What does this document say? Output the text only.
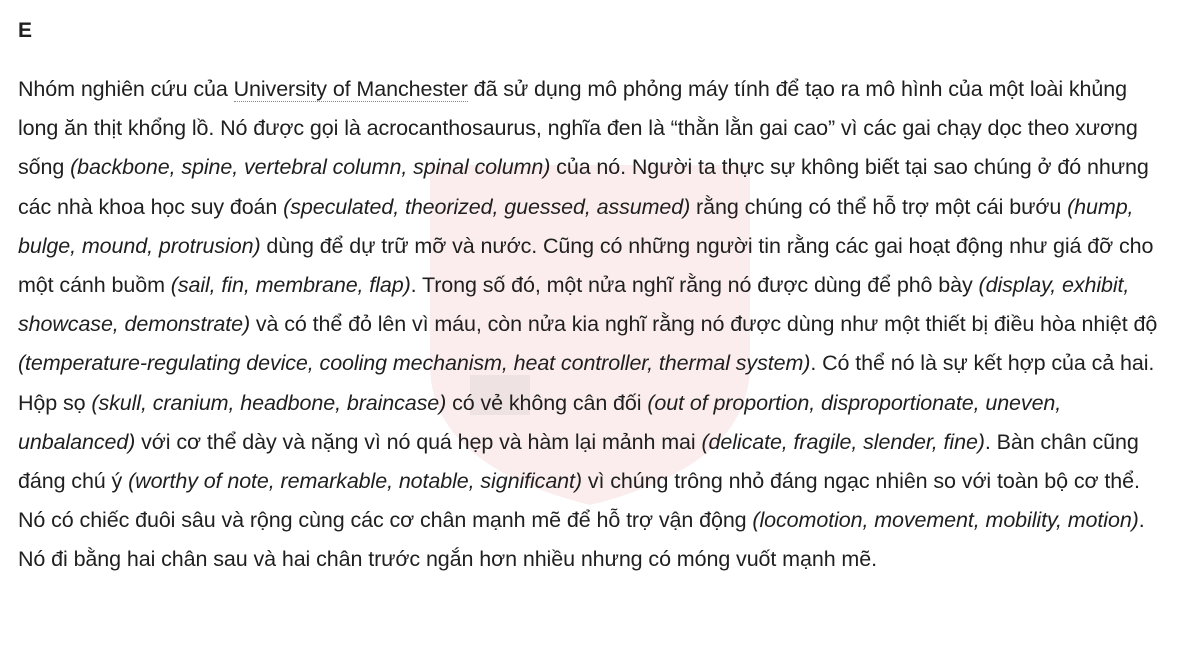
E

Nhóm nghiên cứu của University of Manchester đã sử dụng mô phỏng máy tính để tạo ra mô hình của một loài khủng long ăn thịt khổng lồ. Nó được gọi là acrocanthosaurus, nghĩa đen là “thằn lằn gai cao” vì các gai chạy dọc theo xương sống (backbone, spine, vertebral column, spinal column) của nó. Người ta thực sự không biết tại sao chúng ở đó nhưng các nhà khoa học suy đoán (speculated, theorized, guessed, assumed) rằng chúng có thể hỗ trợ một cái bướu (hump, bulge, mound, protrusion) dùng để dự trữ mỡ và nước. Cũng có những người tin rằng các gai hoạt động như giá đỡ cho một cánh buồm (sail, fin, membrane, flap). Trong số đó, một nửa nghĩ rằng nó được dùng để phô bày (display, exhibit, showcase, demonstrate) và có thể đỏ lên vì máu, còn nửa kia nghĩ rằng nó được dùng như một thiết bị điều hòa nhiệt độ (temperature-regulating device, cooling mechanism, heat controller, thermal system). Có thể nó là sự kết hợp của cả hai. Hộp sọ (skull, cranium, headbone, braincase) có vẻ không cân đối (out of proportion, disproportionate, uneven, unbalanced) với cơ thể dày và nặng vì nó quá hẹp và hàm lại mảnh mai (delicate, fragile, slender, fine). Bàn chân cũng đáng chú ý (worthy of note, remarkable, notable, significant) vì chúng trông nhỏ đáng ngạc nhiên so với toàn bộ cơ thể. Nó có chiếc đuôi sâu và rộng cùng các cơ chân mạnh mẽ để hỗ trợ vận động (locomotion, movement, mobility, motion). Nó đi bằng hai chân sau và hai chân trước ngắn hơn nhiều nhưng có móng vuốt mạnh mẽ.
